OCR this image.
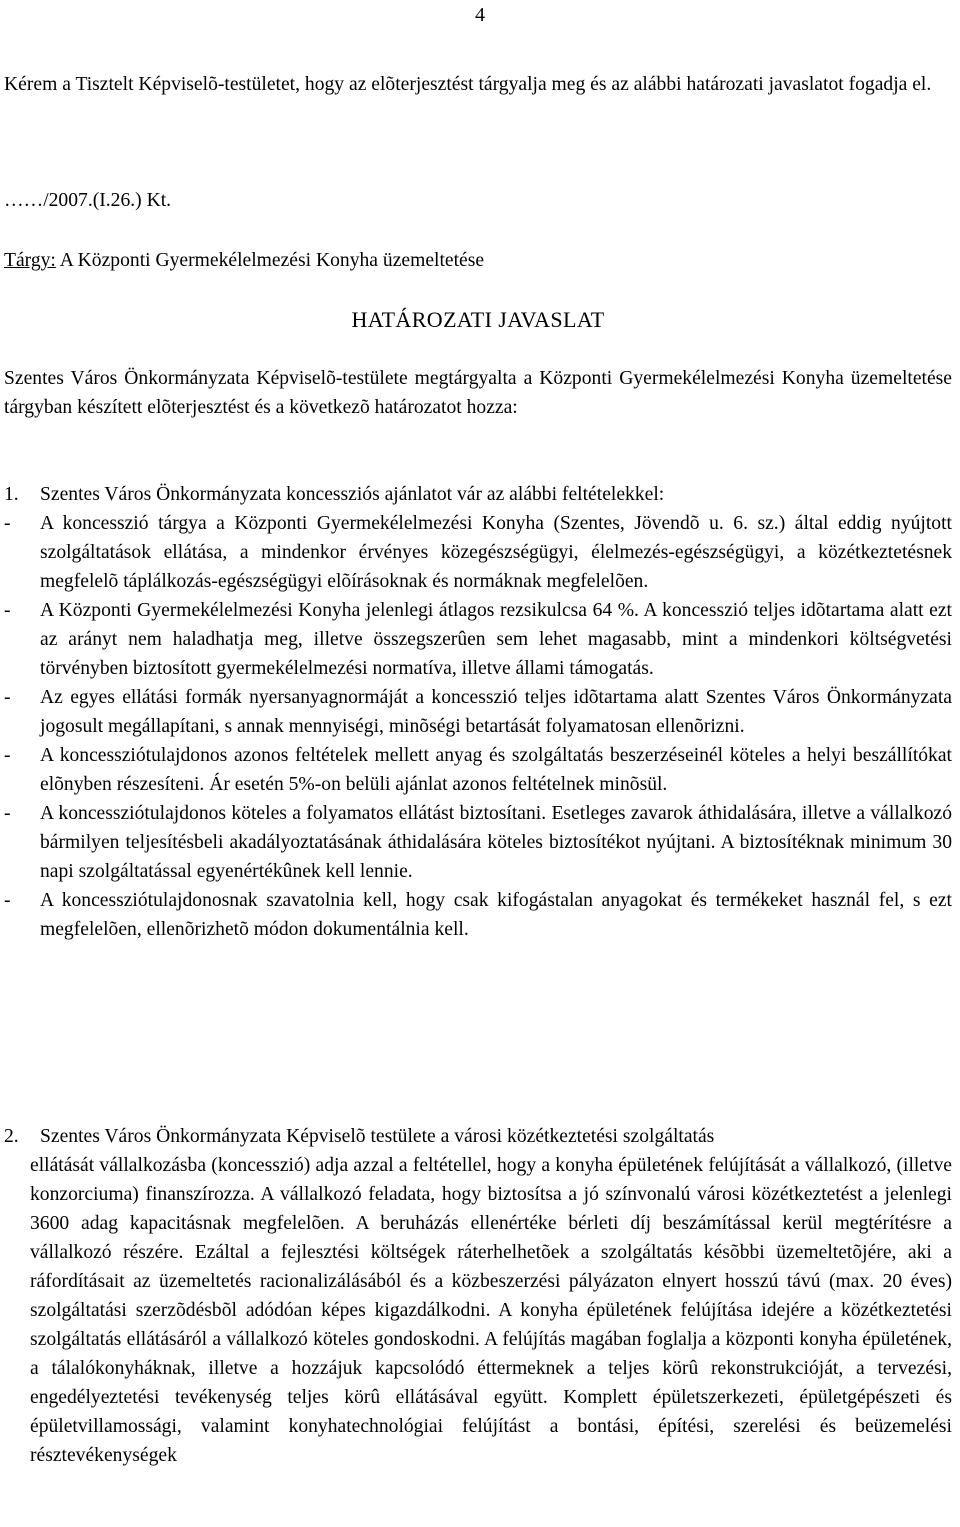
4

Kérem a Tisztelt Képviselõ-testületet, hogy az elõterjesztést tárgyalja meg és az alábbi határozati javaslatot fogadja el.

……/2007.(I.26.) Kt.

Tárgy: A Központi Gyermekélelmezési Konyha üzemeltetése

HATÁROZATI JAVASLAT

Szentes Város Önkormányzata Képviselõ-testülete megtárgyalta a Központi Gyermekélelmezési Konyha üzemeltetése tárgyban készített elõterjesztést és a következõ határozatot hozza:

1.	Szentes Város Önkormányzata koncessziós ajánlatot vár az alábbi feltételekkel:
-	A koncesszió tárgya a Központi Gyermekélelmezési Konyha (Szentes, Jövendõ u. 6. sz.) által eddig nyújtott szolgáltatások ellátása, a mindenkor érvényes közegészségügyi, élelmezés-egészségügyi, a közétkeztetésnek megfelelõ táplálkozás-egészségügyi elõírásoknak és normáknak megfelelõen.
-	A Központi Gyermekélelmezési Konyha jelenlegi átlagos rezsikulcsa 64 %. A koncesszió teljes idõtartama alatt ezt az arányt nem haladhatja meg, illetve összegszerûen sem lehet magasabb, mint a mindenkori költségvetési törvényben biztosított gyermekélelmezési normatíva, illetve állami támogatás.
-	Az egyes ellátási formák nyersanyagnormáját a koncesszió teljes idõtartama alatt Szentes Város Önkormányzata jogosult megállapítani, s annak mennyiségi, minõségi betartását folyamatosan ellenõrizni.
-	A koncessziótulajdonos azonos feltételek mellett anyag és szolgáltatás beszerzéseinél köteles a helyi beszállítókat elõnyben részesíteni. Ár esetén 5%-on belüli ajánlat azonos feltételnek minõsül.
-	A koncessziótulajdonos köteles a folyamatos ellátást biztosítani. Esetleges zavarok áthidalására, illetve a vállalkozó bármilyen teljesítésbeli akadályoztatásának áthidalására köteles biztosítékot nyújtani. A biztosítéknak minimum 30 napi szolgáltatással egyenértékûnek kell lennie.
-	A koncessziótulajdonosnak szavatolnia kell, hogy csak kifogástalan anyagokat és termékeket használ fel, s ezt megfelelõen, ellenõrizhetõ módon dokumentálnia kell.
2.	Szentes Város Önkormányzata Képviselõ testülete a városi közétkeztetési szolgáltatás

ellátását vállalkozásba (koncesszió) adja azzal a feltétellel, hogy a konyha épületének felújítását a vállalkozó, (illetve konzorciuma) finanszírozza. A vállalkozó feladata, hogy biztosítsa a jó színvonalú városi közétkeztetést a jelenlegi 3600 adag kapacitásnak megfelelõen. A beruházás ellenértéke bérleti díj beszámítással kerül megtérítésre a vállalkozó részére. Ezáltal a fejlesztési költségek ráterhelhetõek a szolgáltatás késõbbi üzemeltetõjére, aki a ráfordításait az üzemeltetés racionalizálásából és a közbeszerzési pályázaton elnyert hosszú távú (max. 20 éves) szolgáltatási szerzõdésbõl adódóan képes kigazdálkodni. A konyha épületének felújítása idejére a közétkeztetési szolgáltatás ellátásáról a vállalkozó köteles gondoskodni. A felújítás magában foglalja a központi konyha épületének, a tálalókonyháknak, illetve a hozzájuk kapcsolódó éttermeknek a teljes körû rekonstrukcióját, a tervezési, engedélyeztetési tevékenység teljes körû ellátásával együtt. Komplett épületszerkezeti, épületgépészeti és épületvillamossági, valamint konyhatechnológiai felújítást a bontási, építési, szerelési és beüzemelési résztevékenységek
